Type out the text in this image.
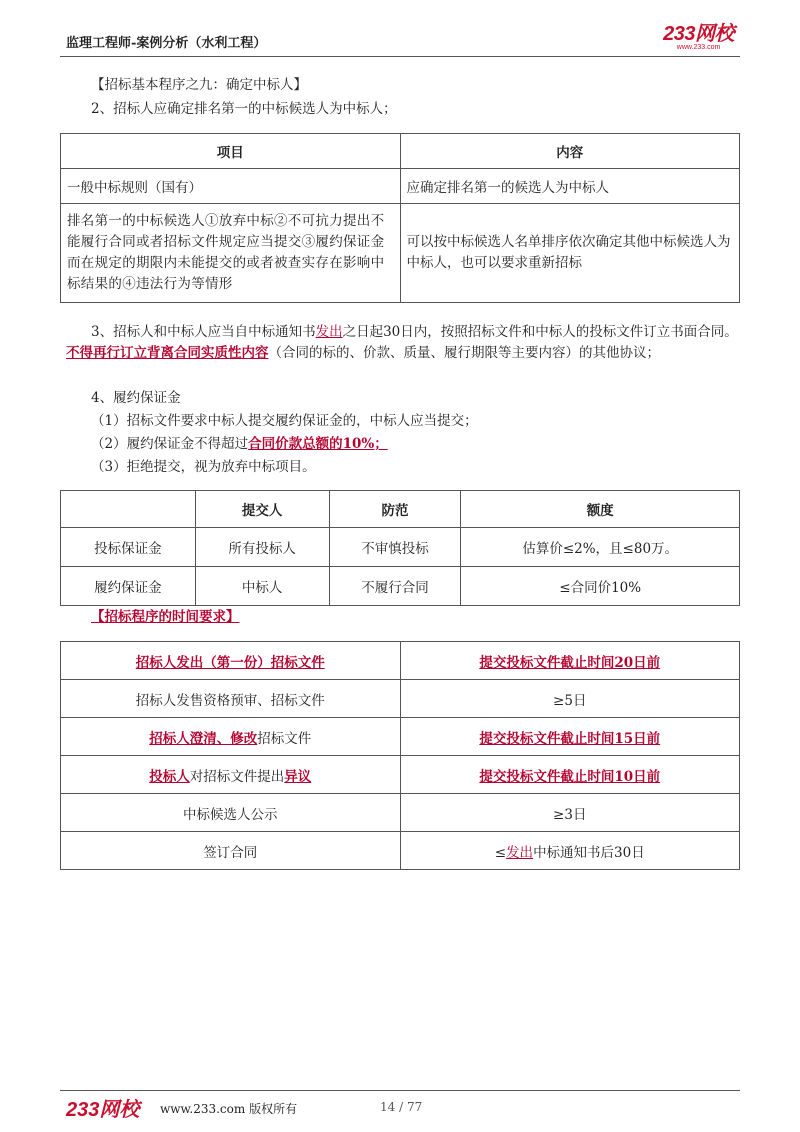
监理工程师-案例分析（水利工程）	233网校
www.233.com
【招标基本程序之九：确定中标人】
2、招标人应确定排名第一的中标候选人为中标人；
项目	内容
一般中标规则（国有）	应确定排名第一的候选人为中标人
排名第一的中标候选人①放弃中标②不可抗力提出不能履行合同或者招标文件规定应当提交③履约保证金而在规定的期限内未能提交的或者被查实存在影响中标结果的④违法行为等情形	可以按中标候选人名单排序依次确定其他中标候选人为中标人，也可以要求重新招标
3、招标人和中标人应当自中标通知书发出之日起30日内，按照招标文件和中标人的投标文件订立书面合同。不得再行订立背离合同实质性内容（合同的标的、价款、质量、履行期限等主要内容）的其他协议；
4、履约保证金
（1）招标文件要求中标人提交履约保证金的，中标人应当提交；
（2）履约保证金不得超过合同价款总额的10%；
（3）拒绝提交，视为放弃中标项目。
	提交人	防范	额度
投标保证金	所有投标人	不审慎投标	估算价≤2%，且≤80万。
履约保证金	中标人	不履行合同	≤合同价10%
【招标程序的时间要求】
招标人发出（第一份）招标文件	提交投标文件截止时间20日前
招标人发售资格预审、招标文件	≥5日
招标人澄清、修改招标文件	提交投标文件截止时间15日前
投标人对招标文件提出异议	提交投标文件截止时间10日前
中标候选人公示	≥3日
签订合同	≤发出中标通知书后30日
233网校 www.233.com 版权所有	14 / 77
